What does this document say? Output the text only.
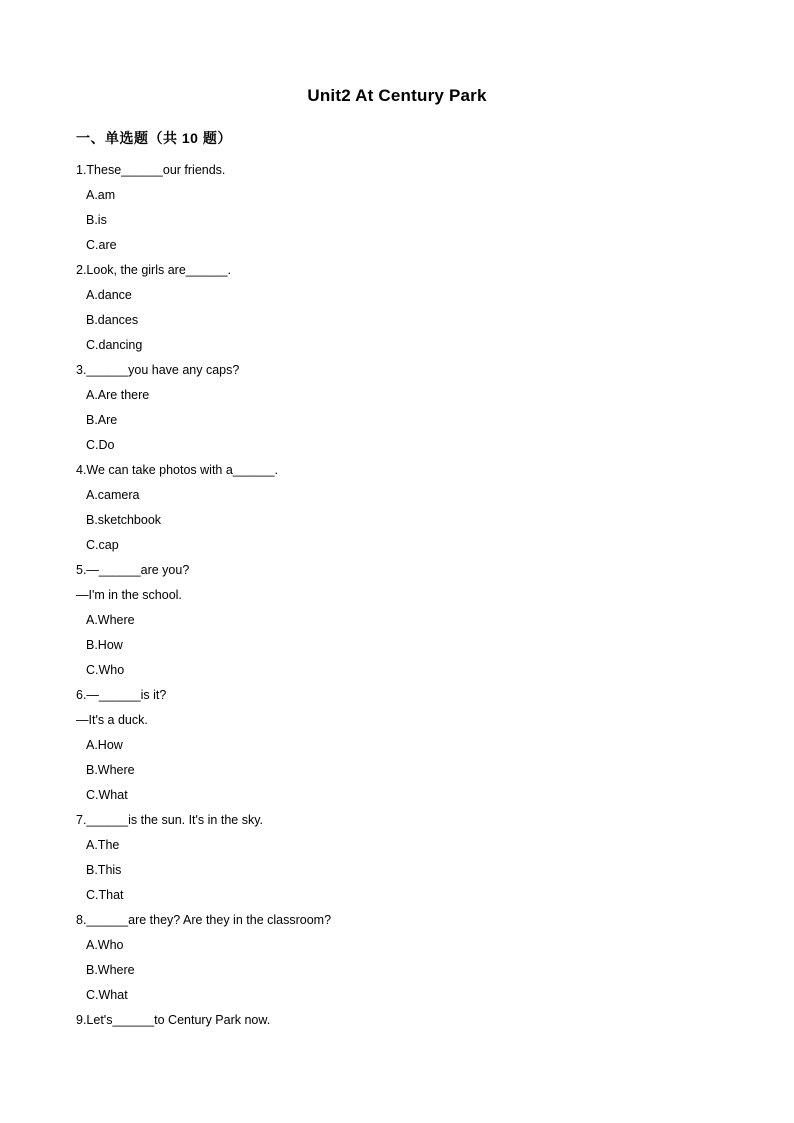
Unit2 At Century Park
一、单选题（共 10 题）
1.These______our friends.
A.am
B.is
C.are
2.Look, the girls are______.
A.dance
B.dances
C.dancing
3.______you have any caps?
A.Are there
B.Are
C.Do
4.We can take photos with a______.
A.camera
B.sketchbook
C.cap
5.—______are you?
—I'm in the school.
A.Where
B.How
C.Who
6.—______is it?
—It's a duck.
A.How
B.Where
C.What
7.______is the sun. It's in the sky.
A.The
B.This
C.That
8.______are they? Are they in the classroom?
A.Who
B.Where
C.What
9.Let's______to Century Park now.
